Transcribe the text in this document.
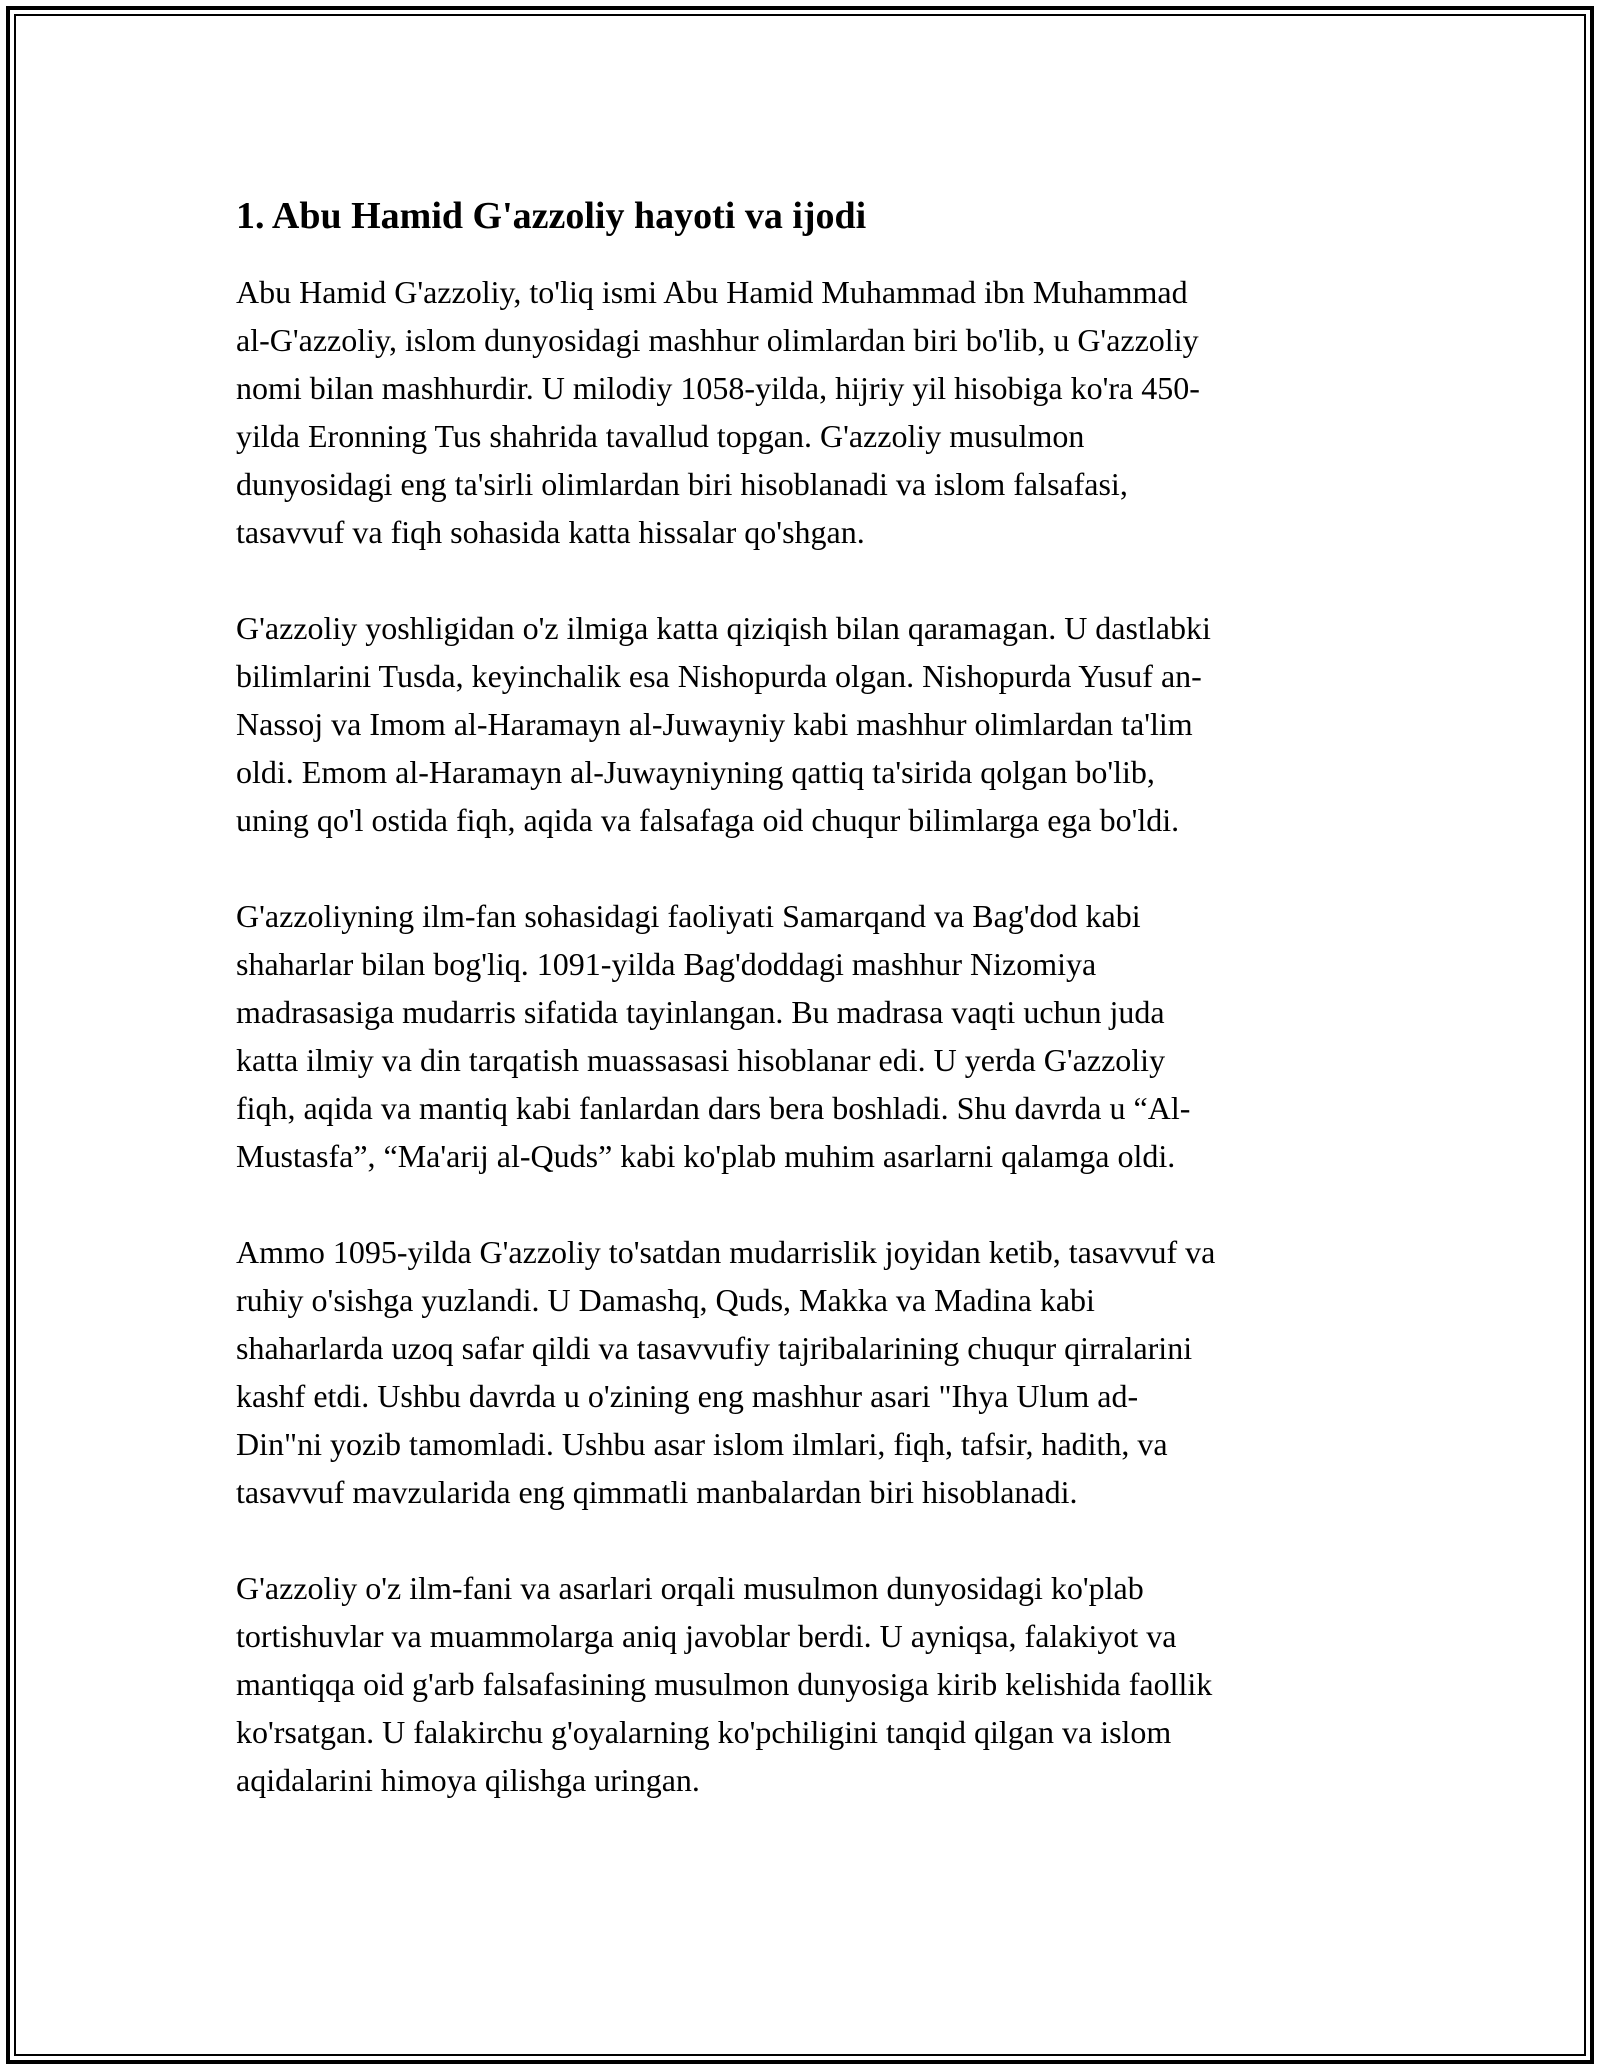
1. Abu Hamid G'azzoliy hayoti va ijodi

Abu Hamid G'azzoliy, to'liq ismi Abu Hamid Muhammad ibn Muhammad
al-G'azzoliy, islom dunyosidagi mashhur olimlardan biri bo'lib, u G'azzoliy
nomi bilan mashhurdir. U milodiy 1058-yilda, hijriy yil hisobiga ko'ra 450-
yilda Eronning Tus shahrida tavallud topgan. G'azzoliy musulmon
dunyosidagi eng ta'sirli olimlardan biri hisoblanadi va islom falsafasi,
tasavvuf va fiqh sohasida katta hissalar qo'shgan.

G'azzoliy yoshligidan o'z ilmiga katta qiziqish bilan qaramagan. U dastlabki
bilimlarini Tusda, keyinchalik esa Nishopurda olgan. Nishopurda Yusuf an-
Nassoj va Imom al-Haramayn al-Juwayniy kabi mashhur olimlardan ta'lim
oldi. Emom al-Haramayn al-Juwayniyning qattiq ta'sirida qolgan bo'lib,
uning qo'l ostida fiqh, aqida va falsafaga oid chuqur bilimlarga ega bo'ldi.

G'azzoliyning ilm-fan sohasidagi faoliyati Samarqand va Bag'dod kabi
shaharlar bilan bog'liq. 1091-yilda Bag'doddagi mashhur Nizomiya
madrasasiga mudarris sifatida tayinlangan. Bu madrasa vaqti uchun juda
katta ilmiy va din tarqatish muassasasi hisoblanar edi. U yerda G'azzoliy
fiqh, aqida va mantiq kabi fanlardan dars bera boshladi. Shu davrda u “Al-
Mustasfa”, “Ma'arij al-Quds” kabi ko'plab muhim asarlarni qalamga oldi.

Ammo 1095-yilda G'azzoliy to'satdan mudarrislik joyidan ketib, tasavvuf va
ruhiy o'sishga yuzlandi. U Damashq, Quds, Makka va Madina kabi
shaharlarda uzoq safar qildi va tasavvufiy tajribalarining chuqur qirralarini
kashf etdi. Ushbu davrda u o'zining eng mashhur asari "Ihya Ulum ad-
Din"ni yozib tamomladi. Ushbu asar islom ilmlari, fiqh, tafsir, hadith, va
tasavvuf mavzularida eng qimmatli manbalardan biri hisoblanadi.

G'azzoliy o'z ilm-fani va asarlari orqali musulmon dunyosidagi ko'plab
tortishuvlar va muammolarga aniq javoblar berdi. U ayniqsa, falakiyot va
mantiqqa oid g'arb falsafasining musulmon dunyosiga kirib kelishida faollik
ko'rsatgan. U falakirchu g'oyalarning ko'pchiligini tanqid qilgan va islom
aqidalarini himoya qilishga uringan.
